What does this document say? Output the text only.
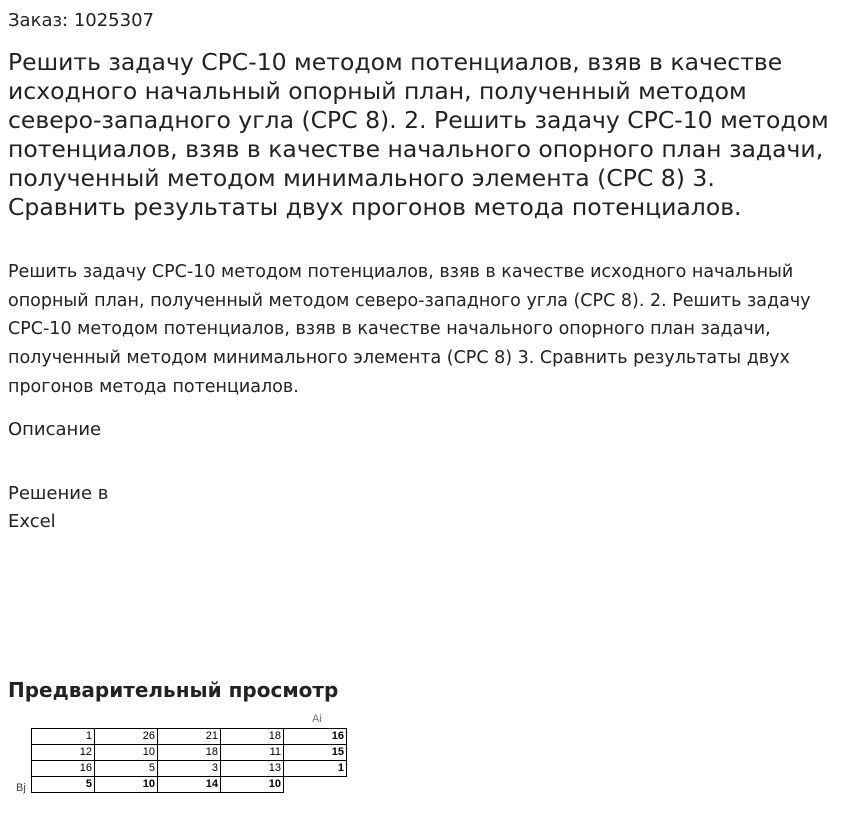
Заказ: 1025307
Решить задачу СРС-10 методом потенциалов, взяв в качестве исходного начальный опорный план, полученный методом северо-западного угла (СРС 8). 2. Решить задачу СРС-10 методом потенциалов, взяв в качестве начального опорного план задачи, полученный методом минимального элемента (СРС 8) 3. Сравнить результаты двух прогонов метода потенциалов.

Решить задачу СРС-10 методом потенциалов, взяв в качестве исходного начальный опорный план, полученный методом северо-западного угла (СРС 8). 2. Решить задачу СРС-10 методом потенциалов, взяв в качестве начального опорного план задачи, полученный методом минимального элемента (СРС 8) 3. Сравнить результаты двух прогонов метода потенциалов.

Описание
Решение в Excel
Предварительный просмотр
Ai
Bj
1	26	21	18	16
12	10	18	11	15
16	5	3	13	1
5	10	14	10	
